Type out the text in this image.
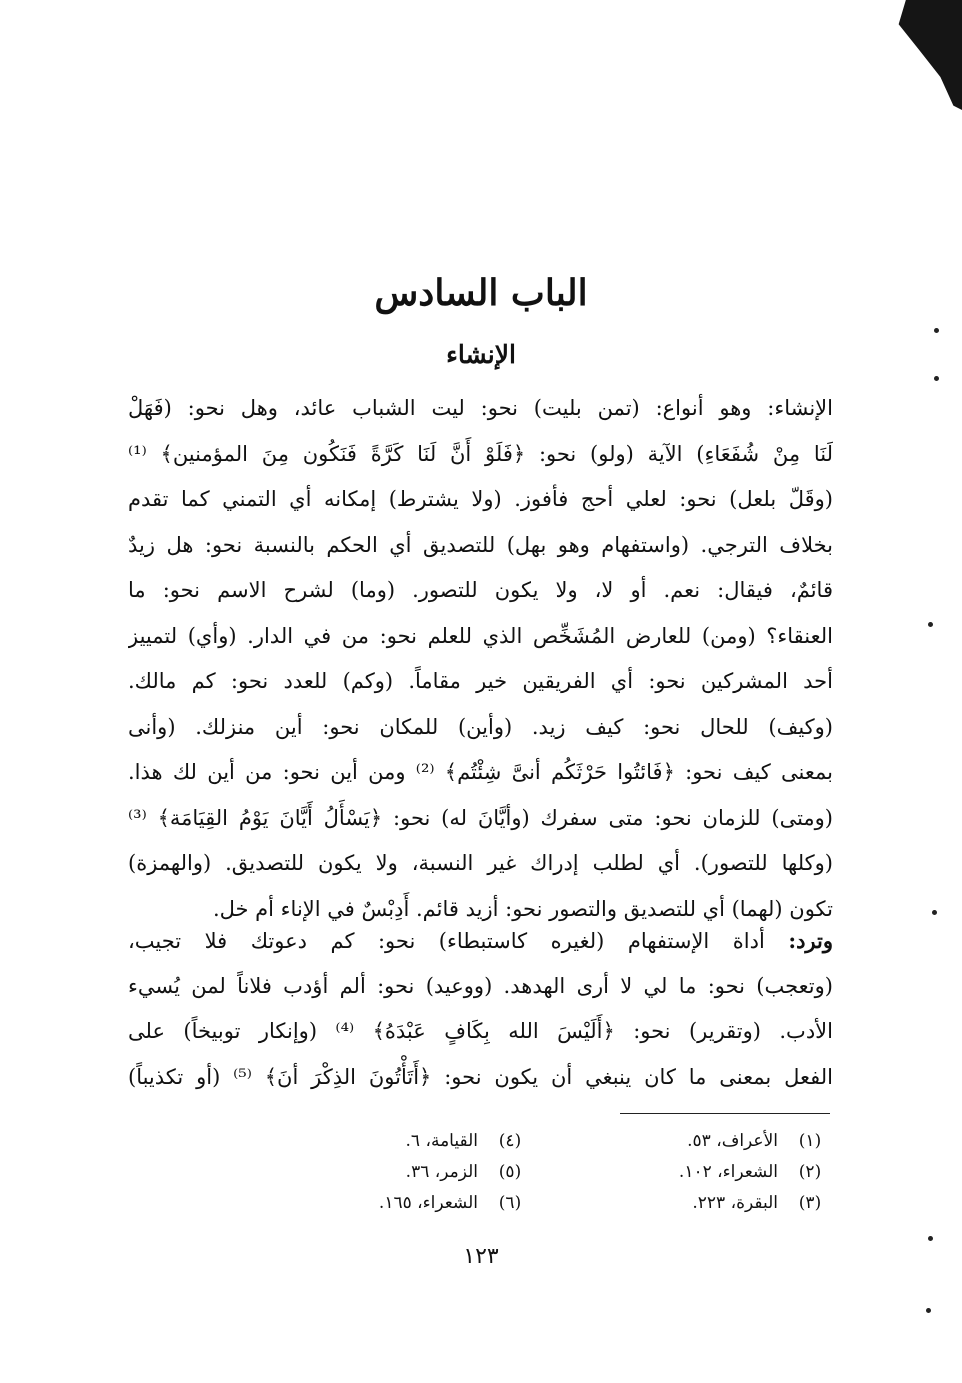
الباب السادس
الإنشاء
الإنشاء: وهو أنواع: (تمن بليت) نحو: ليت الشباب عائد، وهل نحو: (فَهَلْ
لَنَا مِنْ شُفَعَاءِ) الآية (ولو) نحو: ﴿فَلَوْ أَنَّ لَنَا كَرَّةً فَنَكُون مِنَ المؤمنين﴾ ⁽¹⁾
(وقَلّ بلعل) نحو: لعلي أحج فأفوز. (ولا يشترط) إمكانه أي التمني كما تقدم
بخلاف الترجي. (واستفهام وهو بهل) للتصديق أي الحكم بالنسبة نحو: هل زيدٌ
قائمٌ، فيقال: نعم. أو لا، ولا يكون للتصور. (وما) لشرح الاسم نحو: ما
العنقاء؟ (ومن) للعارض المُشَخِّص الذي للعلم نحو: من في الدار. (وأي) لتمييز
أحد المشركين نحو: أي الفريقين خير مقاماً. (وكم) للعدد نحو: كم مالك.
(وكيف) للحال نحو: كيف زيد. (وأين) للمكان نحو: أين منزلك. (وأنى
بمعنى كيف نحو: ﴿فَائتُوا حَرْثَكُم أنىَّ شِئْتُم﴾ ⁽²⁾ ومن أين نحو: من أين لك هذا.
(ومتى) للزمان نحو: متى سفرك (وأيَّانَ له) نحو: ﴿يَسْأَلُ أَيَّانَ يَوْمُ القِيَامَة﴾ ⁽³⁾
(وكلها للتصور). أي لطلب إدراك غير النسبة، ولا يكون للتصديق. (والهمزة)
تكون (لهما) أي للتصديق والتصور نحو: أزيد قائم. أَدِبْسٌ في الإناء أم خل.
وترد: أداة الإستفهام (لغيره كاستبطاء) نحو: كم دعوتك فلا تجيب،
(وتعجب) نحو: ما لي لا أرى الهدهد. (ووعيد) نحو: ألم أؤدب فلاناً لمن يُسيء
الأدب. (وتقرير) نحو: ﴿أَلَيْسَ الله بِكَافٍ عَبْدَهُ﴾ ⁽⁴⁾ (وإنكار توبيخاً) على
الفعل بمعنى ما كان ينبغي أن يكون نحو: ﴿أَتَأْتُونَ الذِكْرَ أنَ﴾ ⁽⁵⁾ (أو تكذيباً)
(١)الأعراف، ٥٣.
(٢)الشعراء، ١٠٢.
(٣)البقرة، ٢٢٣.
(٤)القيامة، ٦.
(٥)الزمر، ٣٦.
(٦)الشعراء، ١٦٥.
١٢٣
